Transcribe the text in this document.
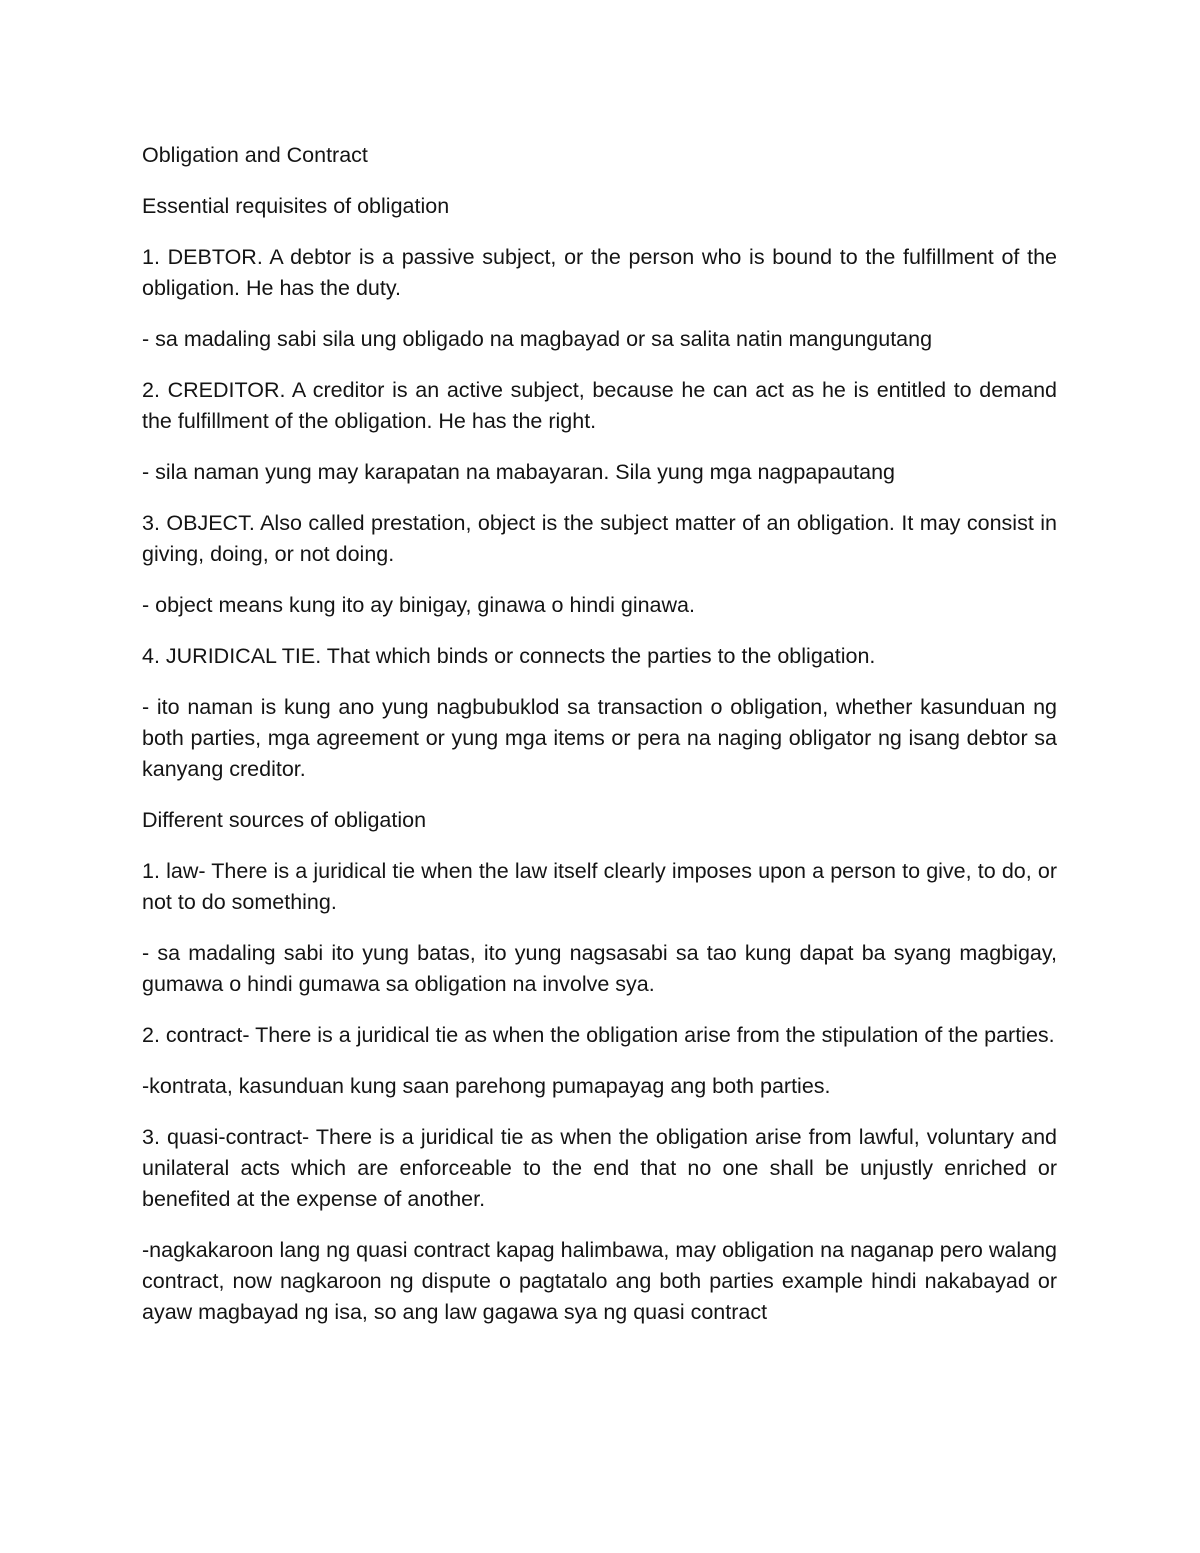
Obligation and Contract

Essential requisites of obligation

1. DEBTOR. A debtor is a passive subject, or the person who is bound to the fulfillment of the obligation. He has the duty.

- sa madaling sabi sila ung obligado na magbayad or sa salita natin mangungutang

2. CREDITOR. A creditor is an active subject, because he can act as he is entitled to demand the fulfillment of the obligation. He has the right.

- sila naman yung may karapatan na mabayaran. Sila yung mga nagpapautang

3. OBJECT. Also called prestation, object is the subject matter of an obligation. It may consist in giving, doing, or not doing.

- object means kung ito ay binigay, ginawa o hindi ginawa.

4. JURIDICAL TIE. That which binds or connects the parties to the obligation.

- ito naman is kung ano yung nagbubuklod sa transaction o obligation, whether kasunduan ng both parties, mga agreement or yung mga items or pera na naging obligator ng isang debtor sa kanyang creditor.

Different sources of obligation

1. law- There is a juridical tie when the law itself clearly imposes upon a person to give, to do, or not to do something.

- sa madaling sabi ito yung batas, ito yung nagsasabi sa tao kung dapat ba syang magbigay, gumawa o hindi gumawa sa obligation na involve sya.

2. contract- There is a juridical tie as when the obligation arise from the stipulation of the parties.

-kontrata, kasunduan kung saan parehong pumapayag ang both parties.

3. quasi-contract- There is a juridical tie as when the obligation arise from lawful, voluntary and unilateral acts which are enforceable to the end that no one shall be unjustly enriched or benefited at the expense of another.

-nagkakaroon lang ng quasi contract kapag halimbawa, may obligation na naganap pero walang contract, now nagkaroon ng dispute o pagtatalo ang both parties example hindi nakabayad or ayaw magbayad ng isa, so ang law gagawa sya ng quasi contract
